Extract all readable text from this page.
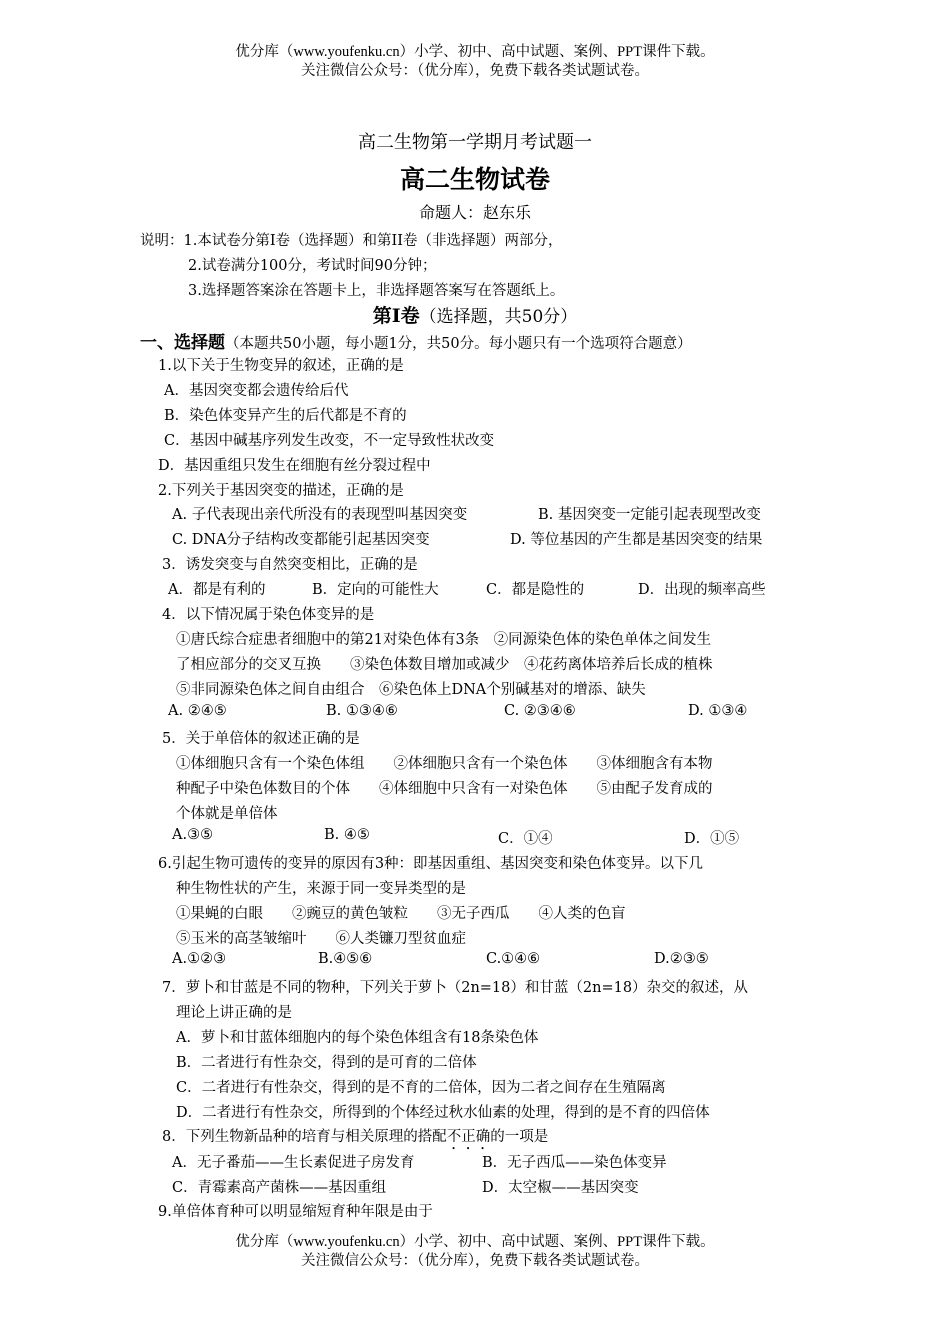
优分库（www.youfenku.cn）小学、初中、高中试题、案例、PPT课件下载。
关注微信公众号：（优分库），免费下载各类试题试卷。
高二生物第一学期月考试题一
高二生物试卷
命题人：赵东乐
说明：1.本试卷分第Ⅰ卷（选择题）和第II卷（非选择题）两部分，
2.试卷满分100分，考试时间90分钟；
3.选择题答案涂在答题卡上，非选择题答案写在答题纸上。
第Ⅰ卷（选择题，共50分）
一、选择题（本题共50小题，每小题1分，共50分。每小题只有一个选项符合题意）
1.以下关于生物变异的叙述，正确的是
A．基因突变都会遗传给后代
B．染色体变异产生的后代都是不育的
C．基因中碱基序列发生改变，不一定导致性状改变
D．基因重组只发生在细胞有丝分裂过程中
2.下列关于基因突变的描述，正确的是
A. 子代表现出亲代所没有的表现型叫基因突变	B. 基因突变一定能引起表现型改变
C. DNA分子结构改变都能引起基因突变	D. 等位基因的产生都是基因突变的结果
3．诱发突变与自然突变相比，正确的是
A．都是有利的	B．定向的可能性大	C．都是隐性的	D．出现的频率高些
4．以下情况属于染色体变异的是
①唐氏综合症患者细胞中的第21对染色体有3条　②同源染色体的染色单体之间发生
了相应部分的交叉互换　　③染色体数目增加或减少　④花药离体培养后长成的植株
⑤非同源染色体之间自由组合　⑥染色体上DNA个别碱基对的增添、缺失
A. ②④⑤	B. ①③④⑥	C. ②③④⑥	D. ①③④
5．关于单倍体的叙述正确的是
①体细胞只含有一个染色体组　　②体细胞只含有一个染色体　　③体细胞含有本物
种配子中染色体数目的个体　　④体细胞中只含有一对染色体　　⑤由配子发育成的
个体就是单倍体
A.③⑤	B. ④⑤	C．①④	D．①⑤
6.引起生物可遗传的变异的原因有3种：即基因重组、基因突变和染色体变异。以下几
种生物性状的产生，来源于同一变异类型的是
①果蝇的白眼　　②豌豆的黄色皱粒　　③无子西瓜　　④人类的色盲
⑤玉米的高茎皱缩叶　　⑥人类镰刀型贫血症
A.①②③	B.④⑤⑥	C.①④⑥	D.②③⑤
7．萝卜和甘蓝是不同的物种，下列关于萝卜（2n=18）和甘蓝（2n=18）杂交的叙述，从
理论上讲正确的是
A．萝卜和甘蓝体细胞内的每个染色体组含有18条染色体
B．二者进行有性杂交，得到的是可育的二倍体
C．二者进行有性杂交，得到的是不育的二倍体，因为二者之间存在生殖隔离
D．二者进行有性杂交，所得到的个体经过秋水仙素的处理，得到的是不育的四倍体
8．下列生物新品种的培育与相关原理的搭配不正确的一项是
A．无子番茄——生长素促进子房发育	B．无子西瓜——染色体变异
C．青霉素高产菌株——基因重组	D．太空椒——基因突变
9.单倍体育种可以明显缩短育种年限是由于
优分库（www.youfenku.cn）小学、初中、高中试题、案例、PPT课件下载。
关注微信公众号：（优分库），免费下载各类试题试卷。
